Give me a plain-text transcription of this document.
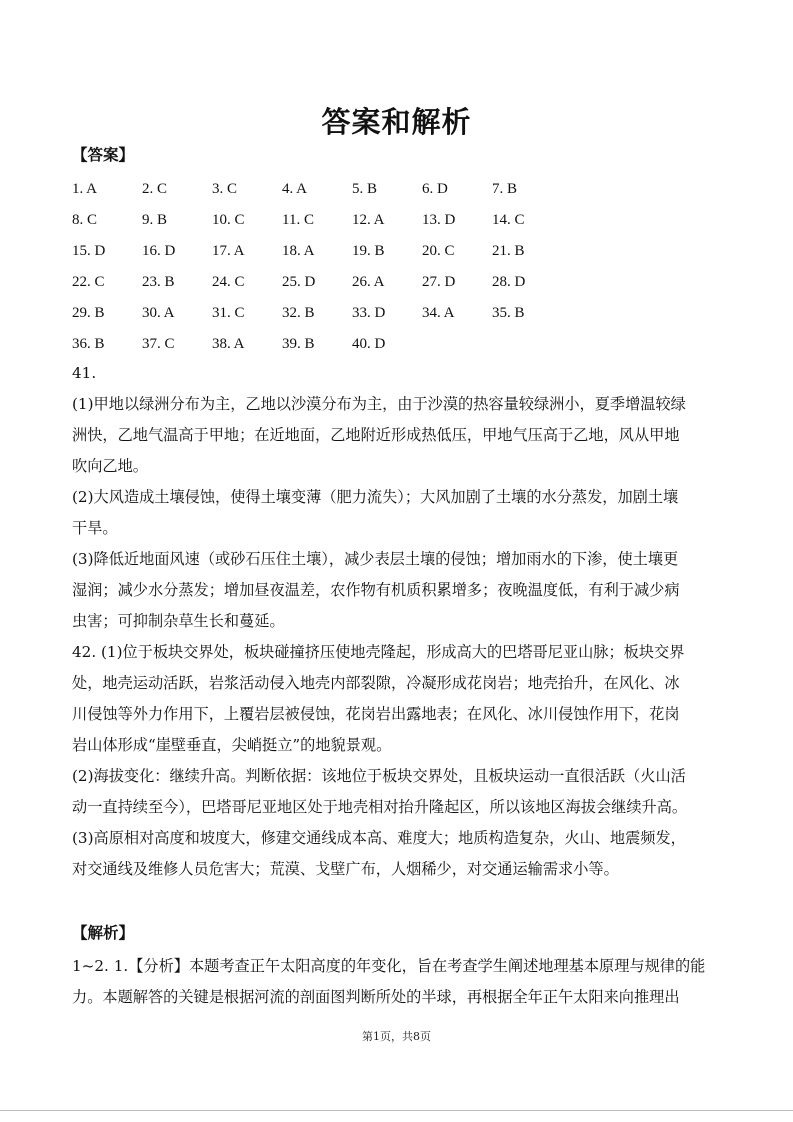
答案和解析
【答案】
1. A	2. C	3. C	4. A	5. B	6. D	7. B
8. C	9. B	10. C	11. C	12. A	13. D	14. C
15. D	16. D	17. A	18. A	19. B	20. C	21. B
22. C	23. B	24. C	25. D	26. A	27. D	28. D
29. B	30. A	31. C	32. B	33. D	34. A	35. B
36. B	37. C	38. A	39. B	40. D
41.
(1)甲地以绿洲分布为主，乙地以沙漠分布为主，由于沙漠的热容量较绿洲小，夏季增温较绿
洲快，乙地气温高于甲地；在近地面，乙地附近形成热低压，甲地气压高于乙地，风从甲地
吹向乙地。
(2)大风造成土壤侵蚀，使得土壤变薄（肥力流失）；大风加剧了土壤的水分蒸发，加剧土壤
干旱。
(3)降低近地面风速（或砂石压住土壤），减少表层土壤的侵蚀；增加雨水的下渗，使土壤更
湿润；减少水分蒸发；增加昼夜温差，农作物有机质积累增多；夜晚温度低，有利于减少病
虫害；可抑制杂草生长和蔓延。
42. (1)位于板块交界处，板块碰撞挤压使地壳隆起，形成高大的巴塔哥尼亚山脉；板块交界
处，地壳运动活跃，岩浆活动侵入地壳内部裂隙，冷凝形成花岗岩；地壳抬升，在风化、冰
川侵蚀等外力作用下，上覆岩层被侵蚀，花岗岩出露地表；在风化、冰川侵蚀作用下，花岗
岩山体形成“崖壁垂直，尖峭挺立”的地貌景观。
(2)海拔变化：继续升高。判断依据：该地位于板块交界处，且板块运动一直很活跃（火山活
动一直持续至今），巴塔哥尼亚地区处于地壳相对抬升隆起区，所以该地区海拔会继续升高。
(3)高原相对高度和坡度大，修建交通线成本高、难度大；地质构造复杂，火山、地震频发，
对交通线及维修人员危害大；荒漠、戈壁广布，人烟稀少，对交通运输需求小等。
【解析】
1~2. 1.【分析】本题考查正午太阳高度的年变化，旨在考查学生阐述地理基本原理与规律的能
力。本题解答的关键是根据河流的剖面图判断所处的半球，再根据全年正午太阳来向推理出
第1页，共8页
